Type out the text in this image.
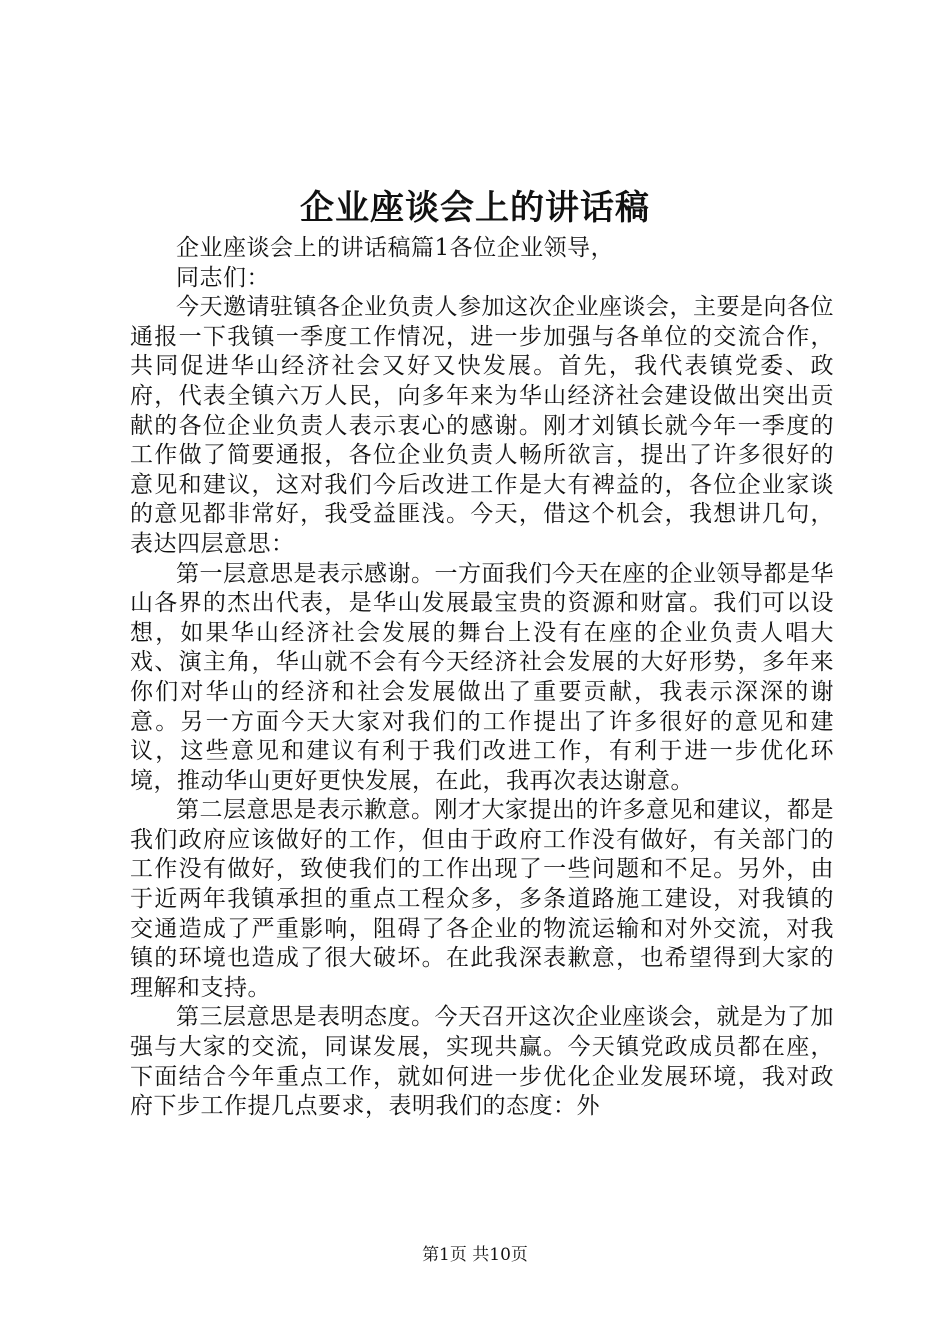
企业座谈会上的讲话稿

企业座谈会上的讲话稿篇1各位企业领导，

同志们：

今天邀请驻镇各企业负责人参加这次企业座谈会，主要是向各位通报一下我镇一季度工作情况，进一步加强与各单位的交流合作，共同促进华山经济社会又好又快发展。首先，我代表镇党委、政府，代表全镇六万人民，向多年来为华山经济社会建设做出突出贡献的各位企业负责人表示衷心的感谢。刚才刘镇长就今年一季度的工作做了简要通报，各位企业负责人畅所欲言，提出了许多很好的意见和建议，这对我们今后改进工作是大有裨益的，各位企业家谈的意见都非常好，我受益匪浅。今天，借这个机会，我想讲几句，表达四层意思：

第一层意思是表示感谢。一方面我们今天在座的企业领导都是华山各界的杰出代表，是华山发展最宝贵的资源和财富。我们可以设想，如果华山经济社会发展的舞台上没有在座的企业负责人唱大戏、演主角，华山就不会有今天经济社会发展的大好形势，多年来你们对华山的经济和社会发展做出了重要贡献，我表示深深的谢意。另一方面今天大家对我们的工作提出了许多很好的意见和建议，这些意见和建议有利于我们改进工作，有利于进一步优化环境，推动华山更好更快发展，在此，我再次表达谢意。

第二层意思是表示歉意。刚才大家提出的许多意见和建议，都是我们政府应该做好的工作，但由于政府工作没有做好，有关部门的工作没有做好，致使我们的工作出现了一些问题和不足。另外，由于近两年我镇承担的重点工程众多，多条道路施工建设，对我镇的交通造成了严重影响，阻碍了各企业的物流运输和对外交流，对我镇的环境也造成了很大破坏。在此我深表歉意，也希望得到大家的理解和支持。

第三层意思是表明态度。今天召开这次企业座谈会，就是为了加强与大家的交流，同谋发展，实现共赢。今天镇党政成员都在座，下面结合今年重点工作，就如何进一步优化企业发展环境，我对政府下步工作提几点要求，表明我们的态度：外

第1页 共10页
